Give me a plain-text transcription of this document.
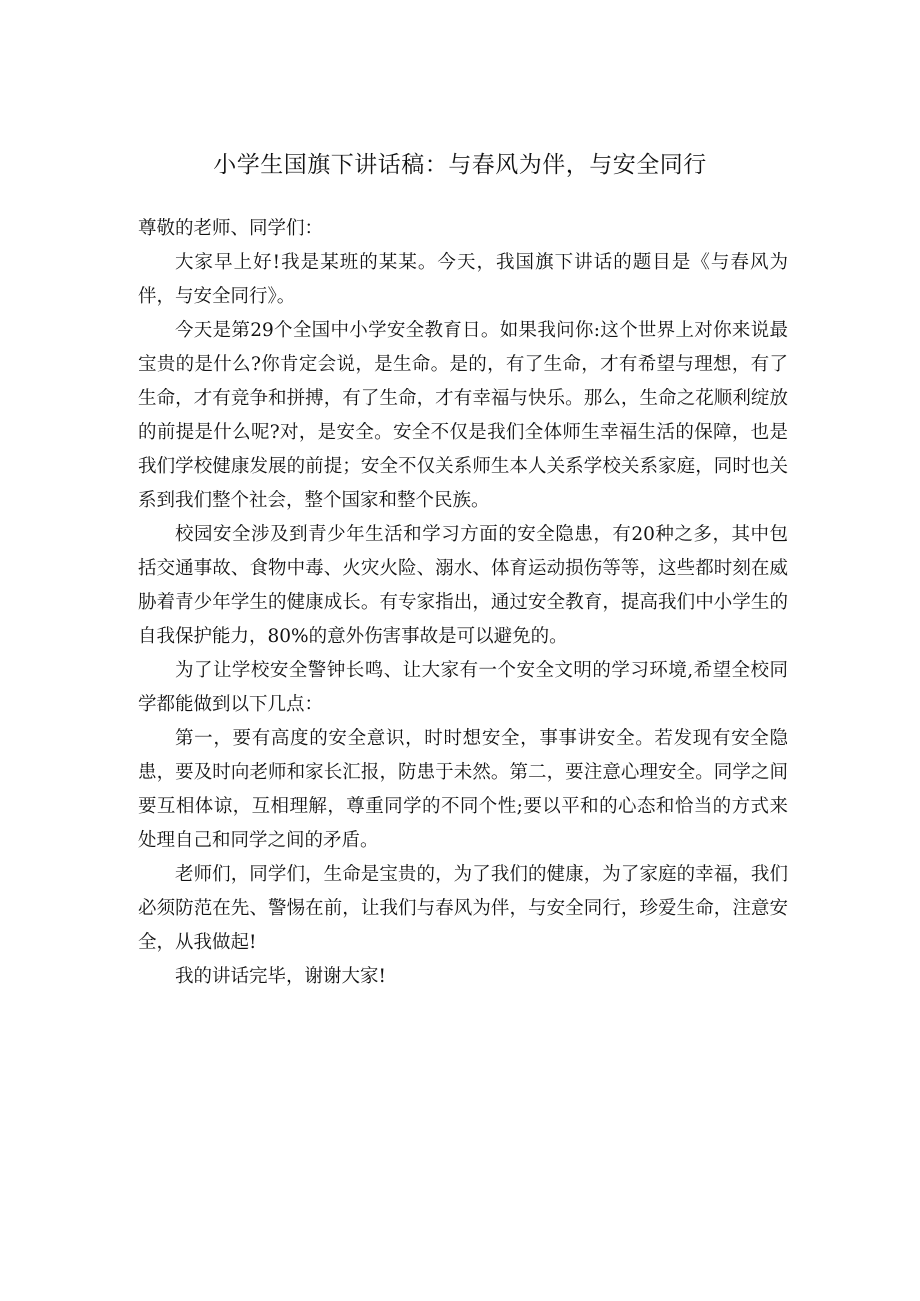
小学生国旗下讲话稿：与春风为伴，与安全同行

尊敬的老师、同学们：

大家早上好!我是某班的某某。今天，我国旗下讲话的题目是《与春风为伴，与安全同行》。

今天是第29个全国中小学安全教育日。如果我问你:这个世界上对你来说最宝贵的是什么?你肯定会说，是生命。是的，有了生命，才有希望与理想，有了生命，才有竞争和拼搏，有了生命，才有幸福与快乐。那么，生命之花顺利绽放的前提是什么呢?对，是安全。安全不仅是我们全体师生幸福生活的保障，也是我们学校健康发展的前提；安全不仅关系师生本人关系学校关系家庭，同时也关系到我们整个社会，整个国家和整个民族。

校园安全涉及到青少年生活和学习方面的安全隐患，有20种之多，其中包括交通事故、食物中毒、火灾火险、溺水、体育运动损伤等等，这些都时刻在威胁着青少年学生的健康成长。有专家指出，通过安全教育，提高我们中小学生的自我保护能力，80%的意外伤害事故是可以避免的。

为了让学校安全警钟长鸣、让大家有一个安全文明的学习环境,希望全校同学都能做到以下几点：

第一，要有高度的安全意识，时时想安全，事事讲安全。若发现有安全隐患，要及时向老师和家长汇报，防患于未然。第二，要注意心理安全。同学之间要互相体谅，互相理解，尊重同学的不同个性;要以平和的心态和恰当的方式来处理自己和同学之间的矛盾。

老师们，同学们，生命是宝贵的，为了我们的健康，为了家庭的幸福，我们必须防范在先、警惕在前，让我们与春风为伴，与安全同行，珍爱生命，注意安全，从我做起!

我的讲话完毕，谢谢大家!
